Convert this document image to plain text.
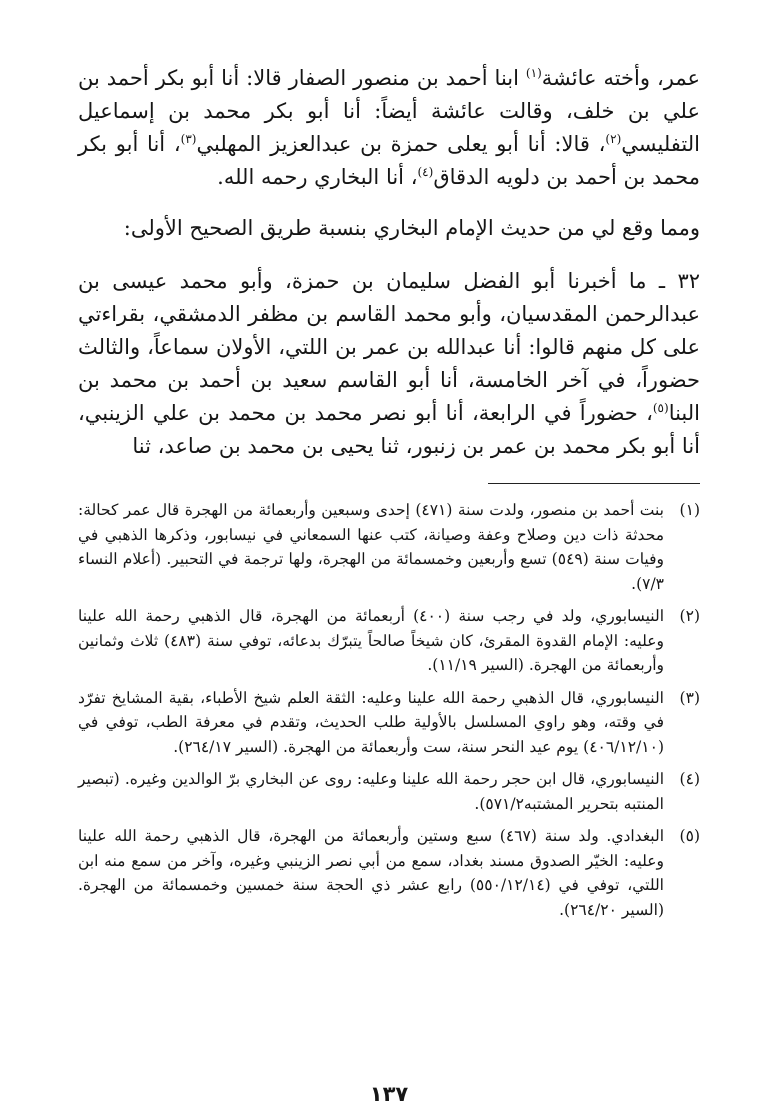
عمر، وأخته عائشة$^{(١)}$ ابنا أحمد بن منصور الصفار قالا: أنا أبو بكر أحمد بن علي بن خلف، وقالت عائشة أيضاً: أنا أبو بكر محمد بن إسماعيل التفليسي$^{(٢)}$، قالا: أنا أبو يعلى حمزة بن عبدالعزيز المهلبي$^{(٣)}$، أنا أبو بكر محمد بن أحمد بن دلويه الدقاق$^{(٤)}$، أنا البخاري رحمه الله.

ومما وقع لي من حديث الإمام البخاري بنسبة طريق الصحيح الأولى:

٣٢ ـ ما أخبرنا أبو الفضل سليمان بن حمزة، وأبو محمد عيسى بن عبدالرحمن المقدسيان، وأبو محمد القاسم بن مظفر الدمشقي، بقراءتي على كل منهم قالوا: أنا عبدالله بن عمر بن اللتي، الأولان سماعاً، والثالث حضوراً، في آخر الخامسة، أنا أبو القاسم سعيد بن أحمد بن محمد بن البنا$^{(٥)}$، حضوراً في الرابعة، أنا أبو نصر محمد بن محمد بن علي الزينبي، أنا أبو بكر محمد بن عمر بن زنبور، ثنا يحيى بن محمد بن صاعد، ثنا

(١)
بنت أحمد بن منصور، ولدت سنة (٤٧١) إحدى وسبعين وأربعمائة من الهجرة قال عمر كحالة: محدثة ذات دين وصلاح وعفة وصيانة، كتب عنها السمعاني في نيسابور، وذكرها الذهبي في وفيات سنة (٥٤٩) تسع وأربعين وخمسمائة من الهجرة، ولها ترجمة في التحبير. (أعلام النساء ٧/٣).
(٢)
النيسابوري، ولد في رجب سنة (٤٠٠) أربعمائة من الهجرة، قال الذهبي رحمة الله علينا وعليه: الإمام القدوة المقرئ، كان شيخاً صالحاً يتبرّك بدعائه، توفي سنة (٤٨٣) ثلاث وثمانين وأربعمائة من الهجرة. (السير ١١/١٩).
(٣)
النيسابوري، قال الذهبي رحمة الله علينا وعليه: الثقة العلم شيخ الأطباء، بقية المشايخ تفرّد في وقته، وهو راوي المسلسل بالأولية طلب الحديث، وتقدم في معرفة الطب، توفي في (٤٠٦/١٢/١٠) يوم عيد النحر سنة، ست وأربعمائة من الهجرة. (السير ٢٦٤/١٧).
(٤)
النيسابوري، قال ابن حجر رحمة الله علينا وعليه: روى عن البخاري برّ الوالدين وغيره. (تبصير المنتبه بتحرير المشتبه٥٧١/٢).
(٥)
البغدادي. ولد سنة (٤٦٧) سبع وستين وأربعمائة من الهجرة، قال الذهبي رحمة الله علينا وعليه: الخيّر الصدوق مسند بغداد، سمع من أبي نصر الزينبي وغيره، وآخر من سمع منه ابن اللتي، توفي في (٥٥٠/١٢/١٤) رابع عشر ذي الحجة سنة خمسين وخمسمائة من الهجرة. (السير ٢٦٤/٢٠).
١٣٧
